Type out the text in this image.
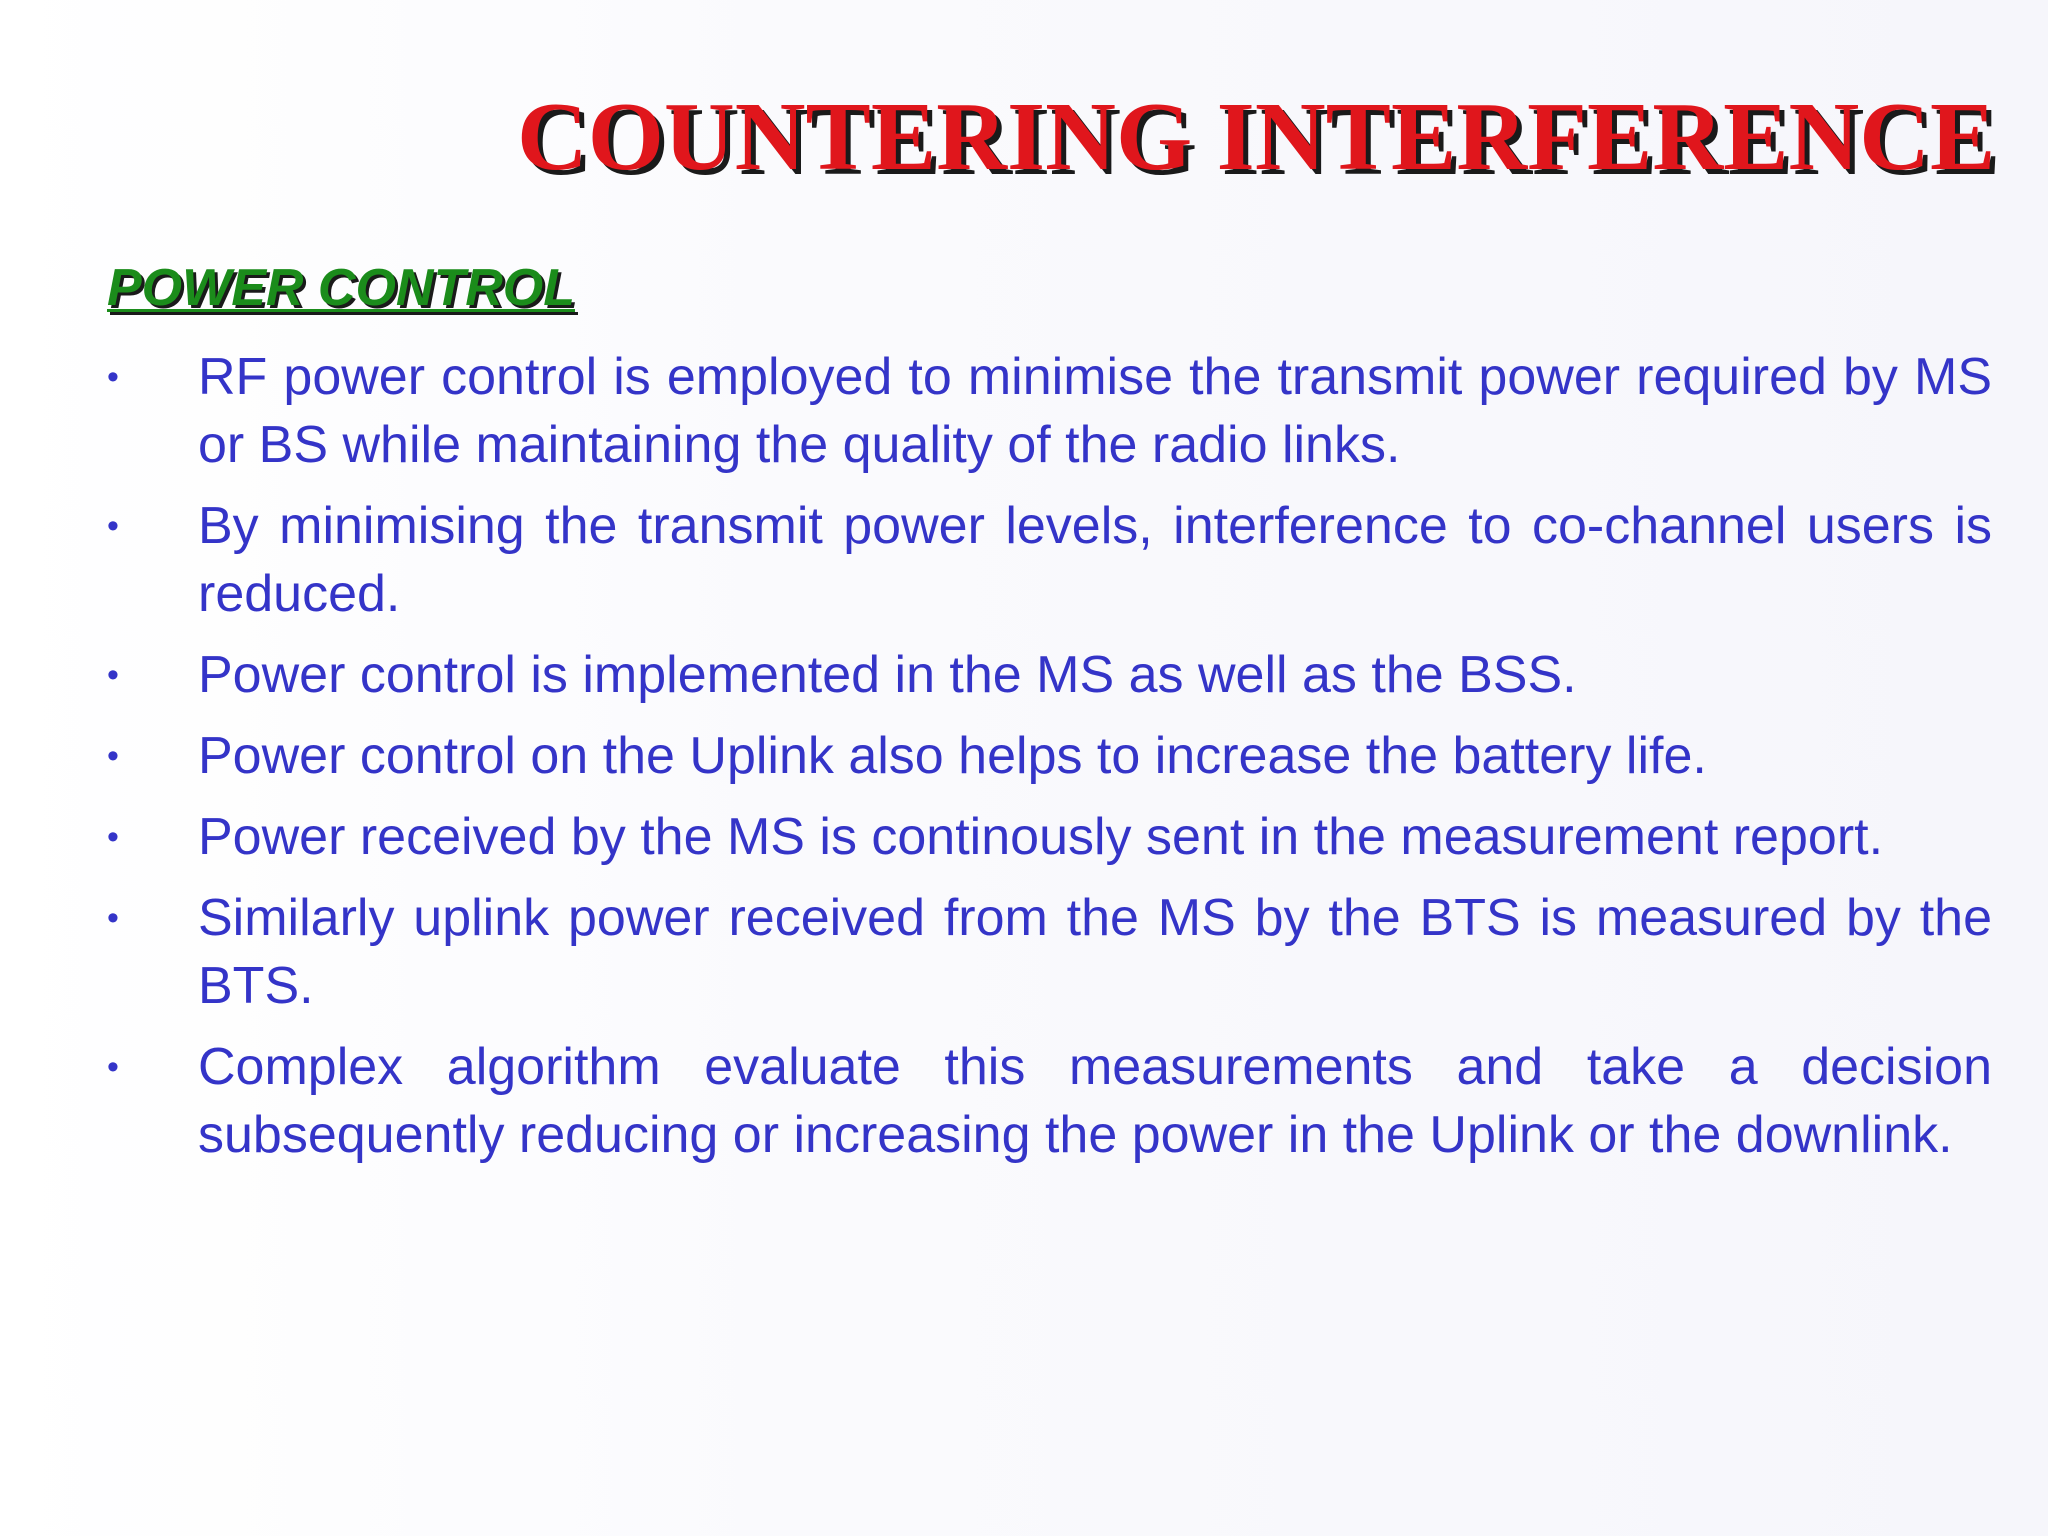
COUNTERING INTERFERENCE
POWER CONTROL
• RF power control is employed to minimise the transmit power required by MS or BS while maintaining the quality of the radio links.
• By minimising the transmit power levels, interference to co-channel users is reduced.
• Power control is implemented in the MS as well as the BSS.
• Power control on the Uplink also helps to increase the battery life.
• Power received by the MS is continously sent in the measurement report.
• Similarly uplink power received from the MS by the BTS is measured by the BTS.
• Complex algorithm evaluate this measurements and take a decision subsequently reducing or increasing the power in the Uplink or the downlink.
